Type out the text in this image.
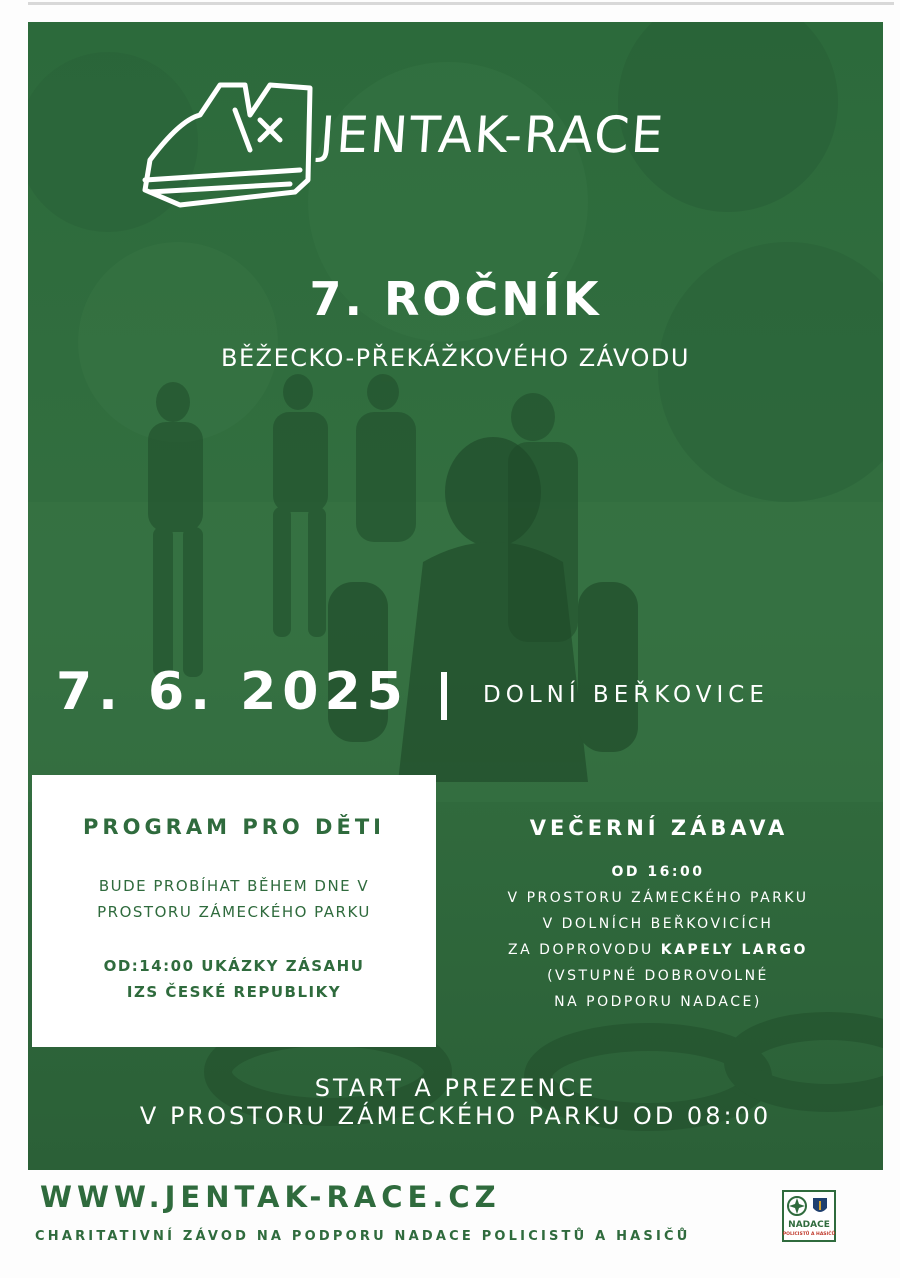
JENTAK-RACE
7. ROČNÍK
BĚŽECKO-PŘEKÁŽKOVÉHO ZÁVODU
7. 6. 2025	DOLNÍ BEŘKOVICE
PROGRAM PRO DĚTI
BUDE PROBÍHAT BĚHEM DNE V
PROSTORU ZÁMECKÉHO PARKU
OD:14:00 UKÁZKY ZÁSAHU
IZS ČESKÉ REPUBLIKY
VEČERNÍ ZÁBAVA
OD 16:00
V PROSTORU ZÁMECKÉHO PARKU
V DOLNÍCH BEŘKOVICÍCH
ZA DOPROVODU KAPELY LARGO
(VSTUPNÉ DOBROVOLNÉ
NA PODPORU NADACE)
START A PREZENCE
V PROSTORU ZÁMECKÉHO PARKU OD 08:00
WWW.JENTAK-RACE.CZ
CHARITATIVNÍ ZÁVOD NA PODPORU NADACE POLICISTŮ A HASIČŮ
NADACE
POLICISTŮ A HASIČŮ
